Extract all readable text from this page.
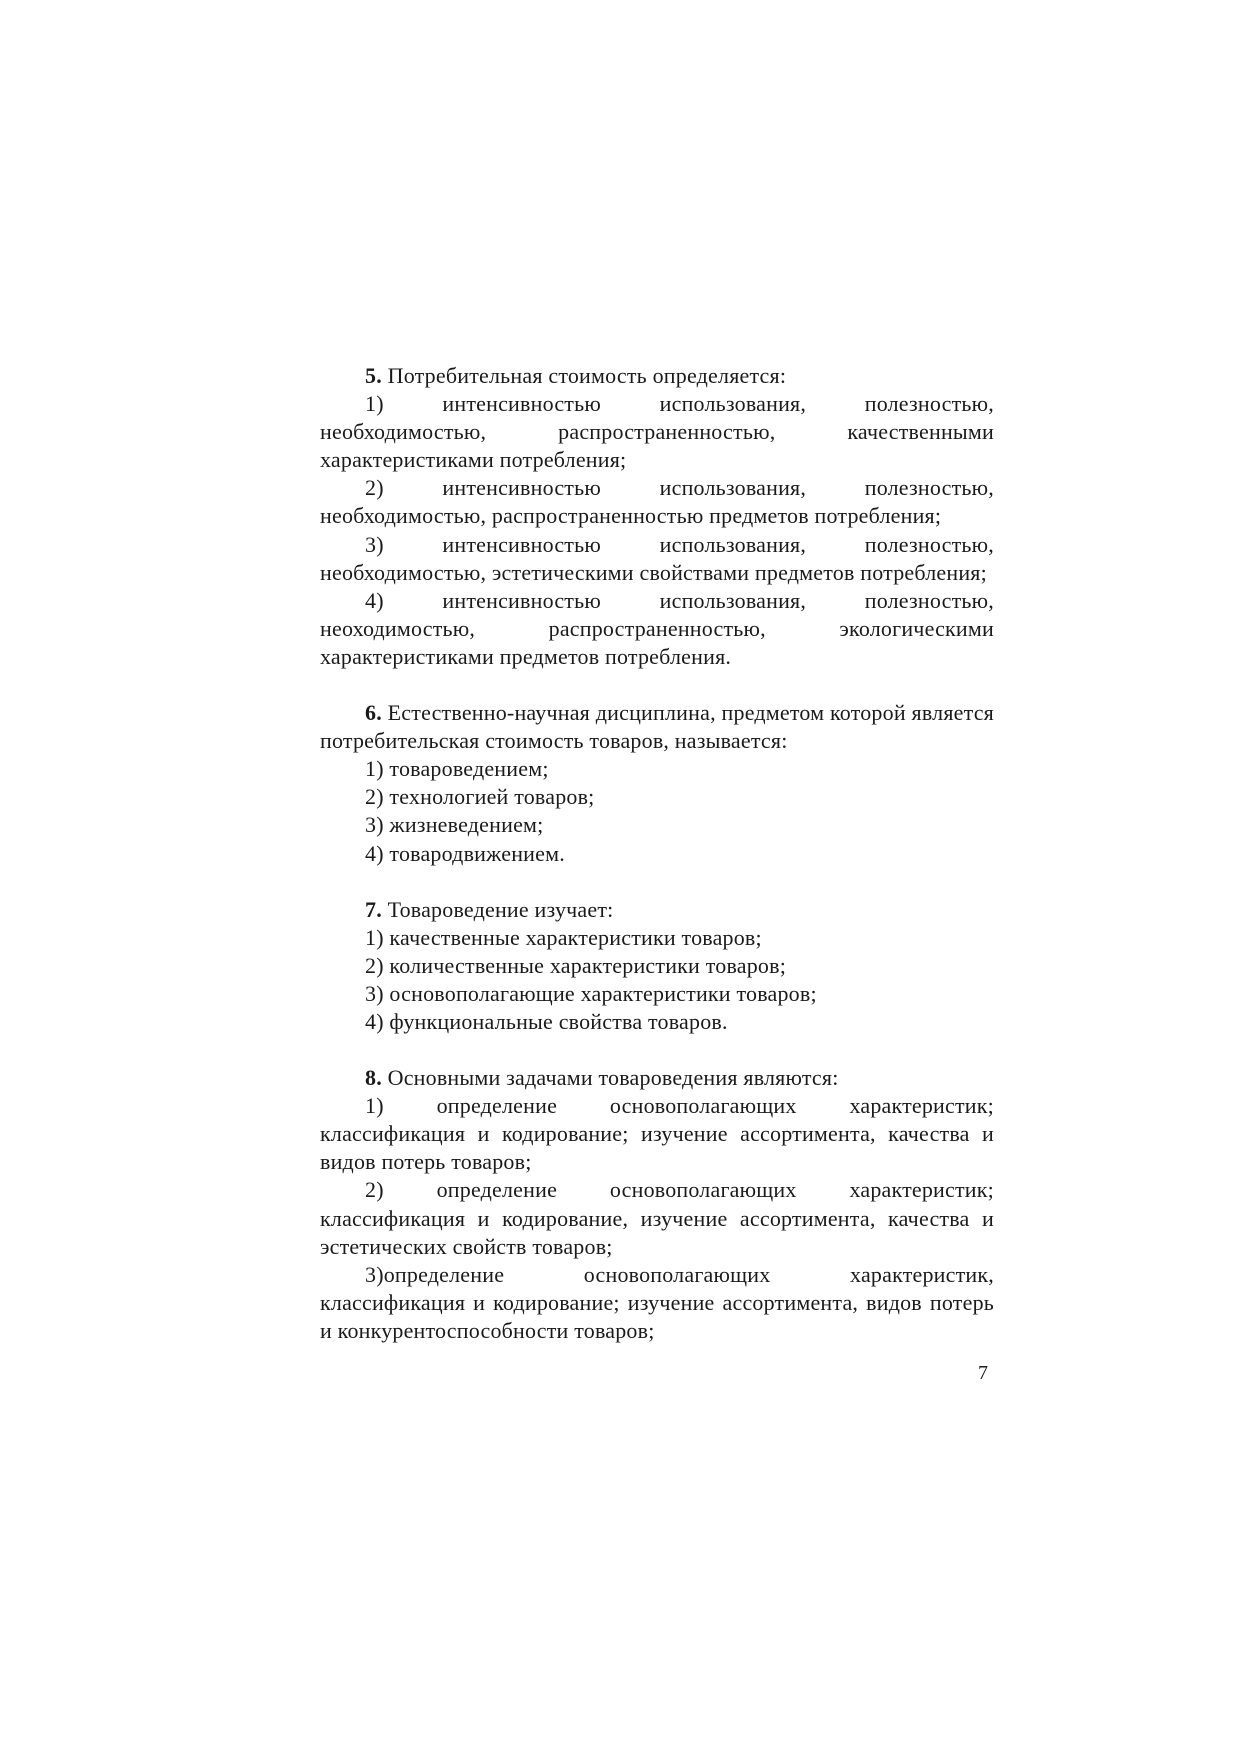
5. Потребительная стоимость определяется:

1) интенсивностью использования, полезностью, необходимостью, распространенностью, качественными характеристиками потребления;

2) интенсивностью использования, полезностью, необходимостью, распространенностью предметов потребления;

3) интенсивностью использования, полезностью, необходимостью, эстетическими свойствами предметов потребления;

4) интенсивностью использования, полезностью, неоходимостью, распространенностью, экологическими характеристиками предметов потребления.

6. Естественно-научная дисциплина, предметом которой является потребительская стоимость товаров, называется:

1) товароведением;

2) технологией товаров;

3) жизневедением;

4) товародвижением.

7. Товароведение изучает:

1) качественные характеристики товаров;

2) количественные характеристики товаров;

3) основополагающие характеристики товаров;

4) функциональные свойства товаров.

8. Основными задачами товароведения являются:

1) определение основополагающих характеристик; классификация и кодирование; изучение ассортимента, качества и видов потерь товаров;

2) определение основополагающих характеристик; классификация и кодирование, изучение ассортимента, качества и эстетических свойств товаров;

3)определение основополагающих характеристик, классификация и кодирование; изучение ассортимента, видов потерь и конкурентоспособности товаров;

7
